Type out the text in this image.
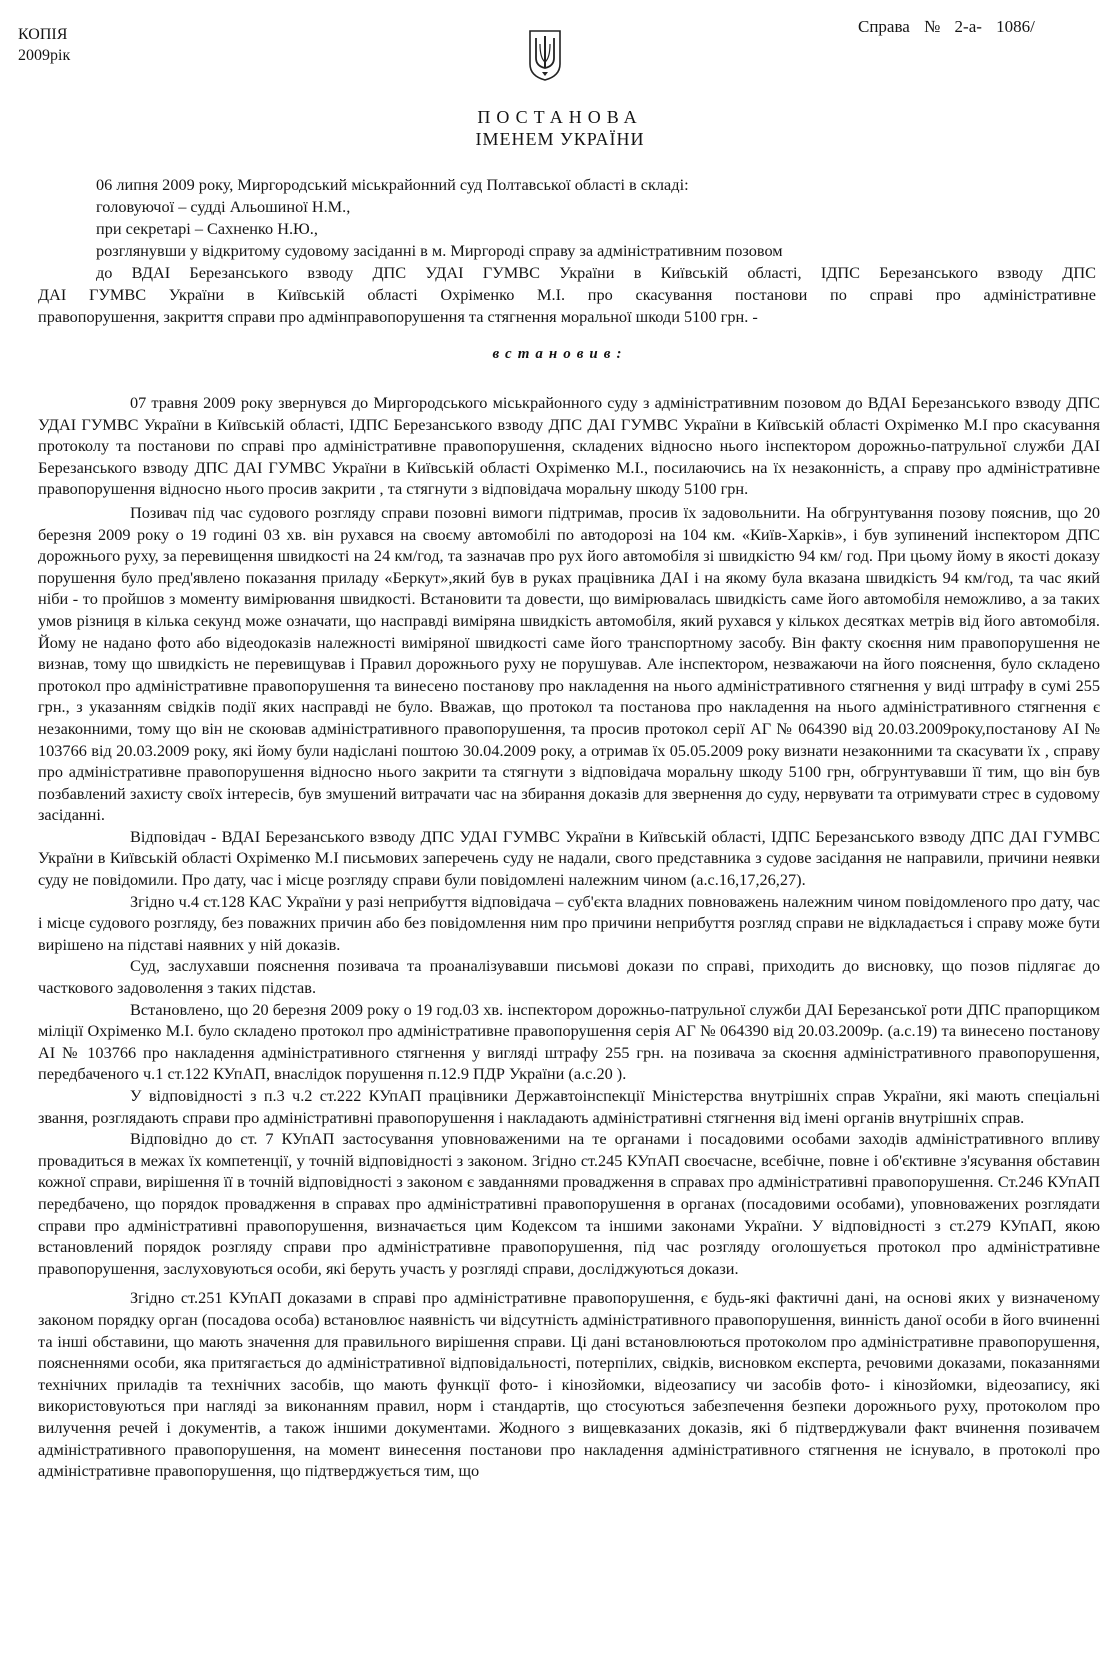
КОПІЯ
2009рік
Справа № 2-а- 1086/
ПОСТАНОВА
ІМЕНЕМ УКРАЇНИ
06 липня 2009 року, Миргородський міськрайонний суд Полтавської області в складі:
головуючої – судді Альошиної Н.М.,
при секретарі – Сахненко Н.Ю.,
розглянувши у відкритому судовому засіданні в м. Миргороді справу за адміністративним позовом
до ВДАІ Березанського взводу ДПС УДАІ ГУМВС України в Київській області, ІДПС Березанського взводу ДПС
ДАІ ГУМВС України в Київській області Охріменко М.І. про скасування постанови по справі про адміністративне
правопорушення, закриття справи про адмінправопорушення та стягнення моральної шкоди 5100 грн. -
встановив:

07 травня 2009 року звернувся до Миргородського міськрайонного суду з адміністративним позовом до ВДАІ Березанського взводу ДПС УДАІ ГУМВС України в Київській області, ІДПС Березанського взводу ДПС ДАІ ГУМВС України в Київській області Охріменко М.І про скасування протоколу та постанови по справі про адміністративне правопорушення, складених відносно нього інспектором дорожньо-патрульної служби ДАІ Березанського взводу ДПС ДАІ ГУМВС України в Київській області Охріменко М.І., посилаючись на їх незаконність, а справу про адміністративне правопорушення відносно нього просив закрити , та стягнути з відповідача моральну шкоду 5100 грн.

Позивач під час судового розгляду справи позовні вимоги підтримав, просив їх задовольнити. На обгрунтування позову пояснив, що 20 березня 2009 року о 19 годині 03 хв. він рухався на своєму автомобілі по автодорозі на 104 км. «Київ-Харків», і був зупинений інспектором ДПС дорожнього руху, за перевищення швидкості на 24 км/год, та зазначав про рух його автомобіля зі швидкістю 94 км/ год. При цьому йому в якості доказу порушення було пред'явлено показання приладу «Беркут»,який був в руках працівника ДАІ і на якому була вказана швидкість 94 км/год, та час який ніби - то пройшов з моменту вимірювання швидкості. Встановити та довести, що вимірювалась швидкість саме його автомобіля неможливо, а за таких умов різниця в кілька секунд може означати, що насправді виміряна швидкість автомобіля, який рухався у кількох десятках метрів від його автомобіля. Йому не надано фото або відеодоказів належності виміряної швидкості саме його транспортному засобу. Він факту скоєння ним правопорушення не визнав, тому що швидкість не перевищував і Правил дорожнього руху не порушував. Але інспектором, незважаючи на його пояснення, було складено протокол про адміністративне правопорушення та винесено постанову про накладення на нього адміністративного стягнення у виді штрафу в сумі 255 грн., з указанням свідків події яких насправді не було. Вважав, що протокол та постанова про накладення на нього адміністративного стягнення є незаконними, тому що він не скоював адміністративного правопорушення, та просив протокол серії АГ № 064390 від 20.03.2009року,постанову АІ № 103766 від 20.03.2009 року, які йому були надіслані поштою 30.04.2009 року, а отримав їх 05.05.2009 року визнати незаконними та скасувати їх , справу про адміністративне правопорушення відносно нього закрити та стягнути з відповідача моральну шкоду 5100 грн, обгрунтувавши її тим, що він був позбавлений захисту своїх інтересів, був змушений витрачати час на збирання доказів для звернення до суду, нервувати та отримувати стрес в судовому засіданні.

Відповідач - ВДАІ Березанського взводу ДПС УДАІ ГУМВС України в Київській області, ІДПС Березанського взводу ДПС ДАІ ГУМВС України в Київській області Охріменко М.І письмових заперечень суду не надали, свого представника з судове засідання не направили, причини неявки суду не повідомили. Про дату, час і місце розгляду справи були повідомлені належним чином (а.с.16,17,26,27).

Згідно ч.4 ст.128 КАС України у разі неприбуття відповідача – суб'єкта владних повноважень належним чином повідомленого про дату, час і місце судового розгляду, без поважних причин або без повідомлення ним про причини неприбуття розгляд справи не відкладається і справу може бути вирішено на підставі наявних у ній доказів.

Суд, заслухавши пояснення позивача та проаналізувавши письмові докази по справі, приходить до висновку, що позов підлягає до часткового задоволення з таких підстав.

Встановлено, що 20 березня 2009 року о 19 год.03 хв. інспектором дорожньо-патрульної служби ДАІ Березанської роти ДПС прапорщиком міліції Охріменко М.І. було складено протокол про адміністративне правопорушення серія АГ № 064390 від 20.03.2009р. (а.с.19) та винесено постанову АІ № 103766 про накладення адміністративного стягнення у вигляді штрафу 255 грн. на позивача за скоєння адміністративного правопорушення, передбаченого ч.1 ст.122 КУпАП, внаслідок порушення п.12.9 ПДР України (а.с.20 ).

У відповідності з п.3 ч.2 ст.222 КУпАП працівники Державтоінспекції Міністерства внутрішніх справ України, які мають спеціальні звання, розглядають справи про адміністративні правопорушення і накладають адміністративні стягнення від імені органів внутрішніх справ.

Відповідно до ст. 7 КУпАП застосування уповноваженими на те органами і посадовими особами заходів адміністративного впливу провадиться в межах їх компетенції, у точній відповідності з законом. Згідно ст.245 КУпАП своєчасне, всебічне, повне і об'єктивне з'ясування обставин кожної справи, вирішення її в точній відповідності з законом є завданнями провадження в справах про адміністративні правопорушення. Ст.246 КУпАП передбачено, що порядок провадження в справах про адміністративні правопорушення в органах (посадовими особами), уповноважених розглядати справи про адміністративні правопорушення, визначається цим Кодексом та іншими законами України. У відповідності з ст.279 КУпАП, якою встановлений порядок розгляду справи про адміністративне правопорушення, під час розгляду оголошується протокол про адміністративне правопорушення, заслуховуються особи, які беруть участь у розгляді справи, досліджуються докази.

Згідно ст.251 КУпАП доказами в справі про адміністративне правопорушення, є будь-які фактичні дані, на основі яких у визначеному законом порядку орган (посадова особа) встановлює наявність чи відсутність адміністративного правопорушення, винність даної особи в його вчиненні та інші обставини, що мають значення для правильного вирішення справи. Ці дані встановлюються протоколом про адміністративне правопорушення, поясненнями особи, яка притягається до адміністративної відповідальності, потерпілих, свідків, висновком експерта, речовими доказами, показаннями технічних приладів та технічних засобів, що мають функції фото- і кінозйомки, відеозапису чи засобів фото- і кінозйомки, відеозапису, які використовуються при нагляді за виконанням правил, норм і стандартів, що стосуються забезпечення безпеки дорожнього руху, протоколом про вилучення речей і документів, а також іншими документами. Жодного з вищевказаних доказів, які б підтверджували факт вчинення позивачем адміністративного правопорушення, на момент винесення постанови про накладення адміністративного стягнення не існувало, в протоколі про адміністративне правопорушення, що підтверджується тим, що
